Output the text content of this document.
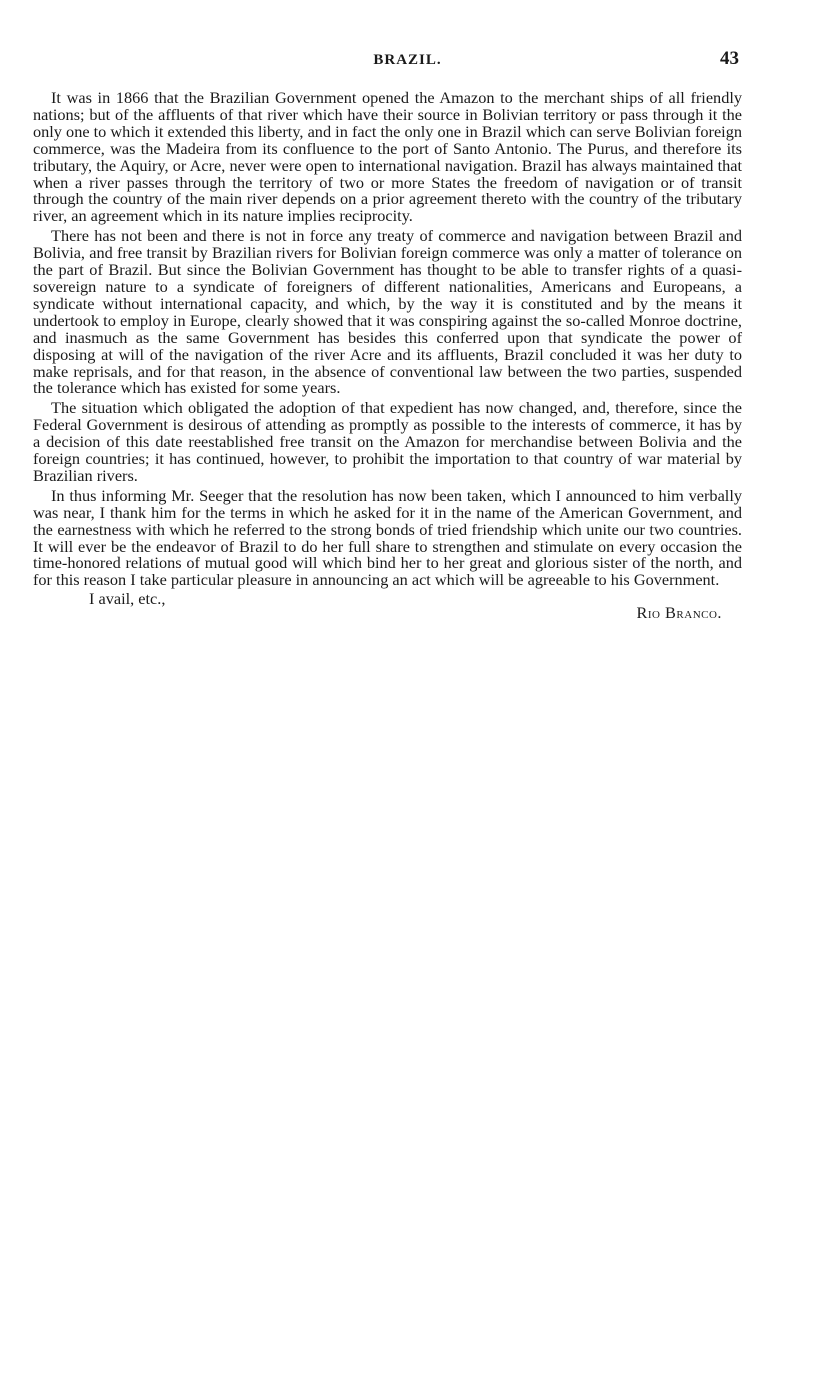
BRAZIL.	43

It was in 1866 that the Brazilian Government opened the Amazon to the merchant ships of all friendly nations; but of the affluents of that river which have their source in Bolivian territory or pass through it the only one to which it extended this liberty, and in fact the only one in Brazil which can serve Bolivian foreign commerce, was the Madeira from its confluence to the port of Santo Antonio. The Purus, and therefore its tributary, the Aquiry, or Acre, never were open to international navigation. Brazil has always maintained that when a river passes through the territory of two or more States the freedom of navigation or of transit through the country of the main river depends on a prior agreement thereto with the country of the tributary river, an agreement which in its nature implies reciprocity.

There has not been and there is not in force any treaty of commerce and navigation between Brazil and Bolivia, and free transit by Brazilian rivers for Bolivian foreign commerce was only a matter of tolerance on the part of Brazil. But since the Bolivian Government has thought to be able to transfer rights of a quasi-sovereign nature to a syndicate of foreigners of different nationalities, Americans and Europeans, a syndicate without international capacity, and which, by the way it is constituted and by the means it undertook to employ in Europe, clearly showed that it was conspiring against the so-called Monroe doctrine, and inasmuch as the same Government has besides this conferred upon that syndicate the power of disposing at will of the navigation of the river Acre and its affluents, Brazil concluded it was her duty to make reprisals, and for that reason, in the absence of conventional law between the two parties, suspended the tolerance which has existed for some years.

The situation which obligated the adoption of that expedient has now changed, and, therefore, since the Federal Government is desirous of attending as promptly as possible to the interests of commerce, it has by a decision of this date reestablished free transit on the Amazon for merchandise between Bolivia and the foreign countries; it has continued, however, to prohibit the importation to that country of war material by Brazilian rivers.

In thus informing Mr. Seeger that the resolution has now been taken, which I announced to him verbally was near, I thank him for the terms in which he asked for it in the name of the American Government, and the earnestness with which he referred to the strong bonds of tried friendship which unite our two countries. It will ever be the endeavor of Brazil to do her full share to strengthen and stimulate on every occasion the time-honored relations of mutual good will which bind her to her great and glorious sister of the north, and for this reason I take particular pleasure in announcing an act which will be agreeable to his Government.

I avail, etc.,
Rio Branco.
